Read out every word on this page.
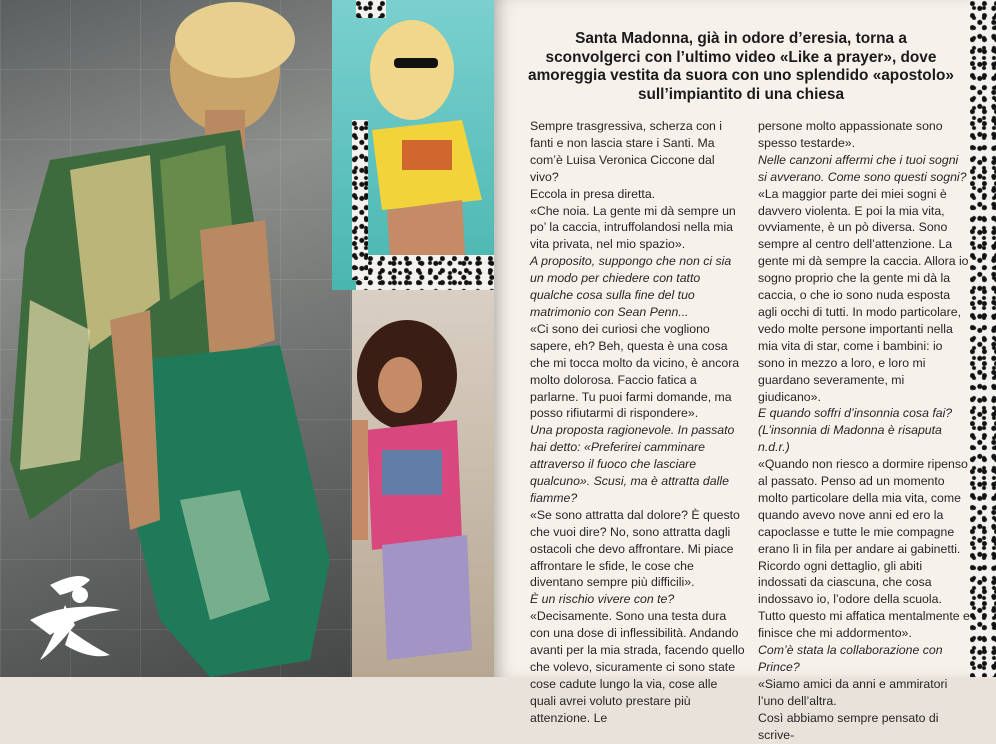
Santa Madonna, già in odore d’eresia, torna a sconvolgerci con l’ultimo video «Like a prayer», dove amoreggia vestita da suora con uno splendido «apostolo» sull’impiantito di una chiesa

Sempre trasgressiva, scherza con i fanti e non lascia stare i Santi. Ma com’è Luisa Veronica Ciccone dal vivo?

Eccola in presa diretta.

«Che noia. La gente mi dà sempre un po’ la caccia, intruffolandosi nella mia vita privata, nel mio spazio».

A proposito, suppongo che non ci sia un modo per chiedere con tatto qualche cosa sulla fine del tuo matrimonio con Sean Penn...

«Ci sono dei curiosi che vogliono sapere, eh? Beh, questa è una cosa che mi tocca molto da vicino, è ancora molto dolorosa. Faccio fatica a parlarne. Tu puoi farmi domande, ma posso rifiutarmi di rispondere».

Una proposta ragionevole. In passato hai detto: «Preferirei camminare attraverso il fuoco che lasciare qualcuno». Scusi, ma è attratta dalle fiamme?

«Se sono attratta dal dolore? È questo che vuoi dire? No, sono attratta dagli ostacoli che devo affrontare. Mi piace affrontare le sfide, le cose che diventano sempre più difficili».

È un rischio vivere con te?

«Decisamente. Sono una testa dura con una dose di inflessibilità. Andando avanti per la mia strada, facendo quello che volevo, sicuramente ci sono state cose cadute lungo la via, cose alle quali avrei voluto prestare più attenzione. Le

persone molto appassionate sono spesso testarde».

Nelle canzoni affermi che i tuoi sogni si avverano. Come sono questi sogni?

«La maggior parte dei miei sogni è davvero violenta. E poi la mia vita, ovviamente, è un pò diversa. Sono sempre al centro dell’attenzione. La gente mi dà sempre la caccia. Allora io sogno proprio che la gente mi dà la caccia, o che io sono nuda esposta agli occhi di tutti. In modo particolare, vedo molte persone importanti nella mia vita di star, come i bambini: io sono in mezzo a loro, e loro mi guardano severamente, mi giudicano».

E quando soffri d’insonnia cosa fai? (L’insonnia di Madonna è risaputa n.d.r.)

«Quando non riesco a dormire ripenso al passato. Penso ad un momento molto particolare della mia vita, come quando avevo nove anni ed ero la capoclasse e tutte le mie compagne erano lì in fila per andare ai gabinetti. Ricordo ogni dettaglio, gli abiti indossati da ciascuna, che cosa indossavo io, l’odore della scuola. Tutto questo mi affatica mentalmente e finisce che mi addormento».

Com’è stata la collaborazione con Prince?

«Siamo amici da anni e ammiratori l’uno dell’altra.

Così abbiamo sempre pensato di scrive-
